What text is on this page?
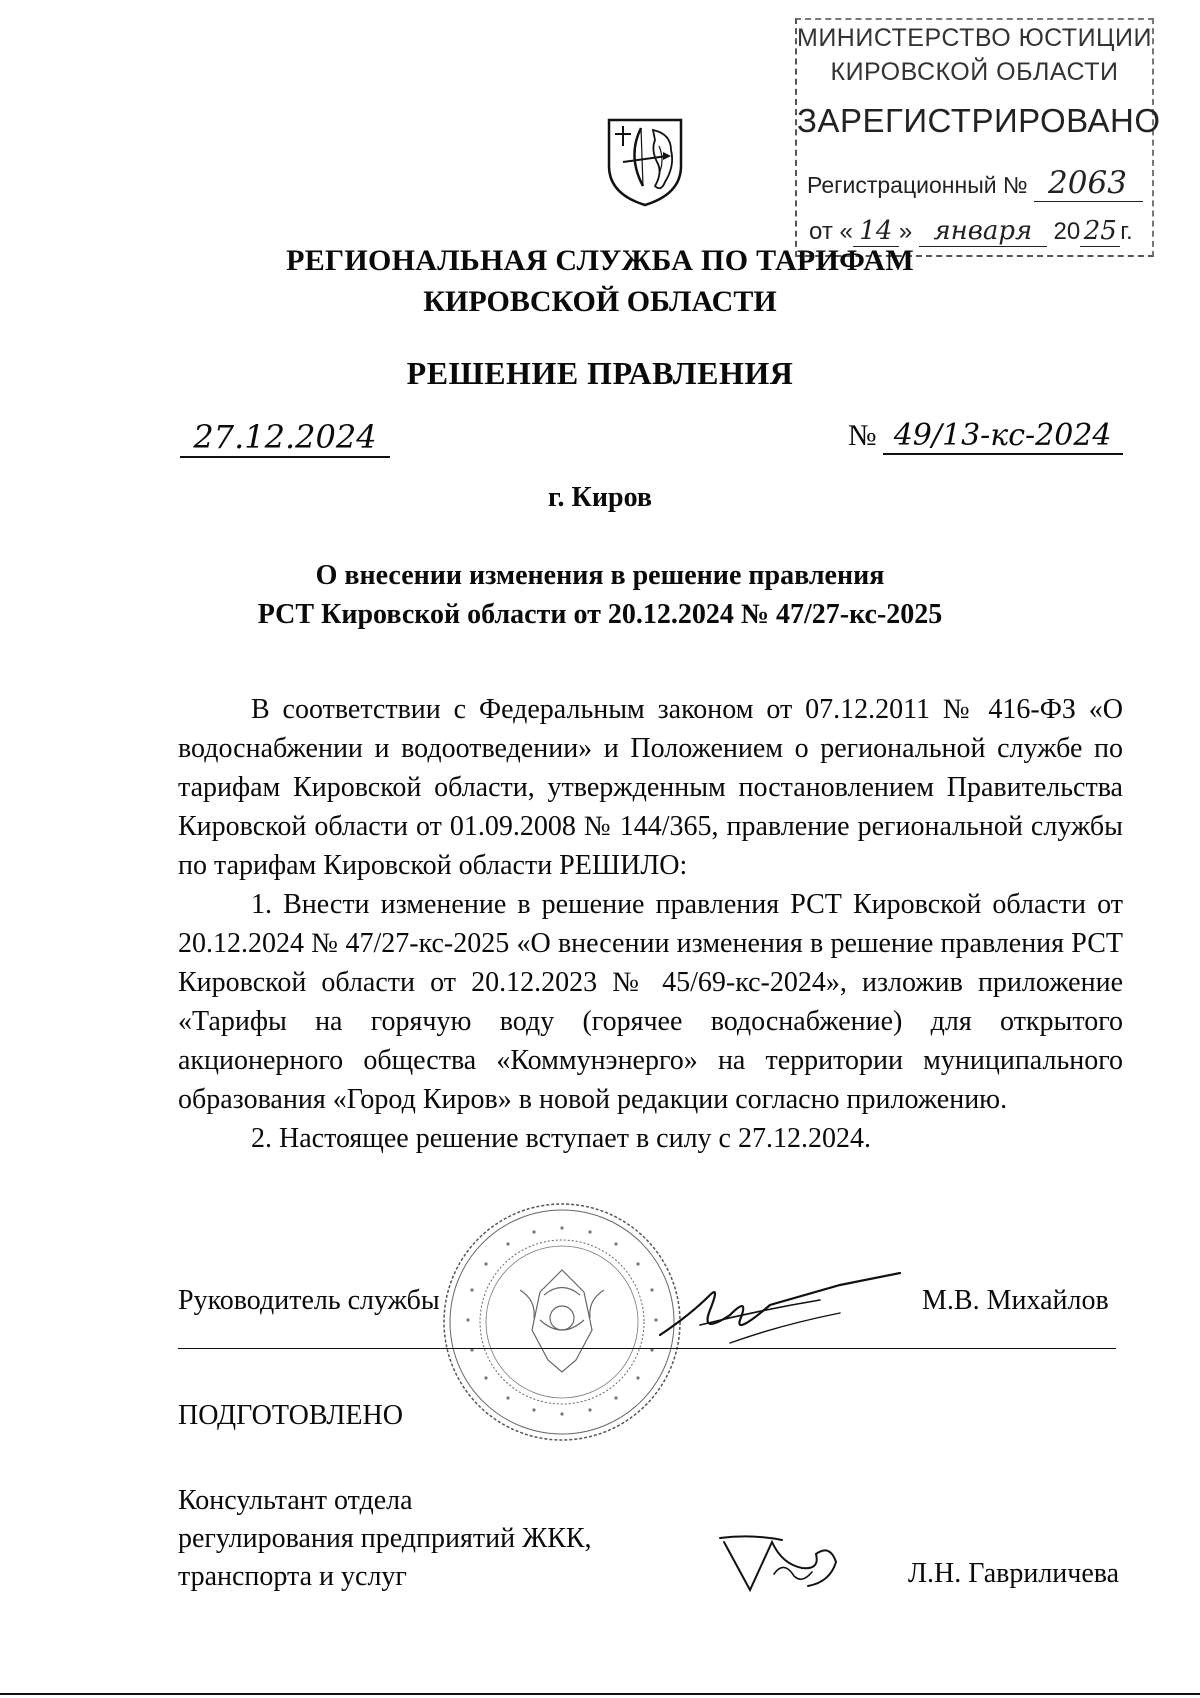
МИНИСТЕРСТВО ЮСТИЦИИ
КИРОВСКОЙ ОБЛАСТИ
ЗАРЕГИСТРИРОВАНО
Регистрационный № 2063
от « 14 » января 20 25 г.
РЕГИОНАЛЬНАЯ СЛУЖБА ПО ТАРИФАМ
КИРОВСКОЙ ОБЛАСТИ
РЕШЕНИЕ ПРАВЛЕНИЯ
27.12.2024	№ 49/13-кс-2024
г. Киров
О внесении изменения в решение правления
РСТ Кировской области от 20.12.2024 № 47/27-кс-2025

В соответствии с Федеральным законом от 07.12.2011 № 416-ФЗ «О водоснабжении и водоотведении» и Положением о региональной службе по тарифам Кировской области, утвержденным постановлением Правительства Кировской области от 01.09.2008 № 144/365, правление региональной службы по тарифам Кировской области РЕШИЛО:

1. Внести изменение в решение правления РСТ Кировской области от 20.12.2024 № 47/27-кс-2025 «О внесении изменения в решение правления РСТ Кировской области от 20.12.2023 № 45/69-кс-2024», изложив приложение «Тарифы на горячую воду (горячее водоснабжение) для открытого акционерного общества «Коммунэнерго» на территории муниципального образования «Город Киров» в новой редакции согласно приложению.

2. Настоящее решение вступает в силу с 27.12.2024.

Руководитель службы	М.В. Михайлов
ПОДГОТОВЛЕНО
Консультант отдела
регулирования предприятий ЖКК,
транспорта и услуг	Л.Н. Гавриличева
